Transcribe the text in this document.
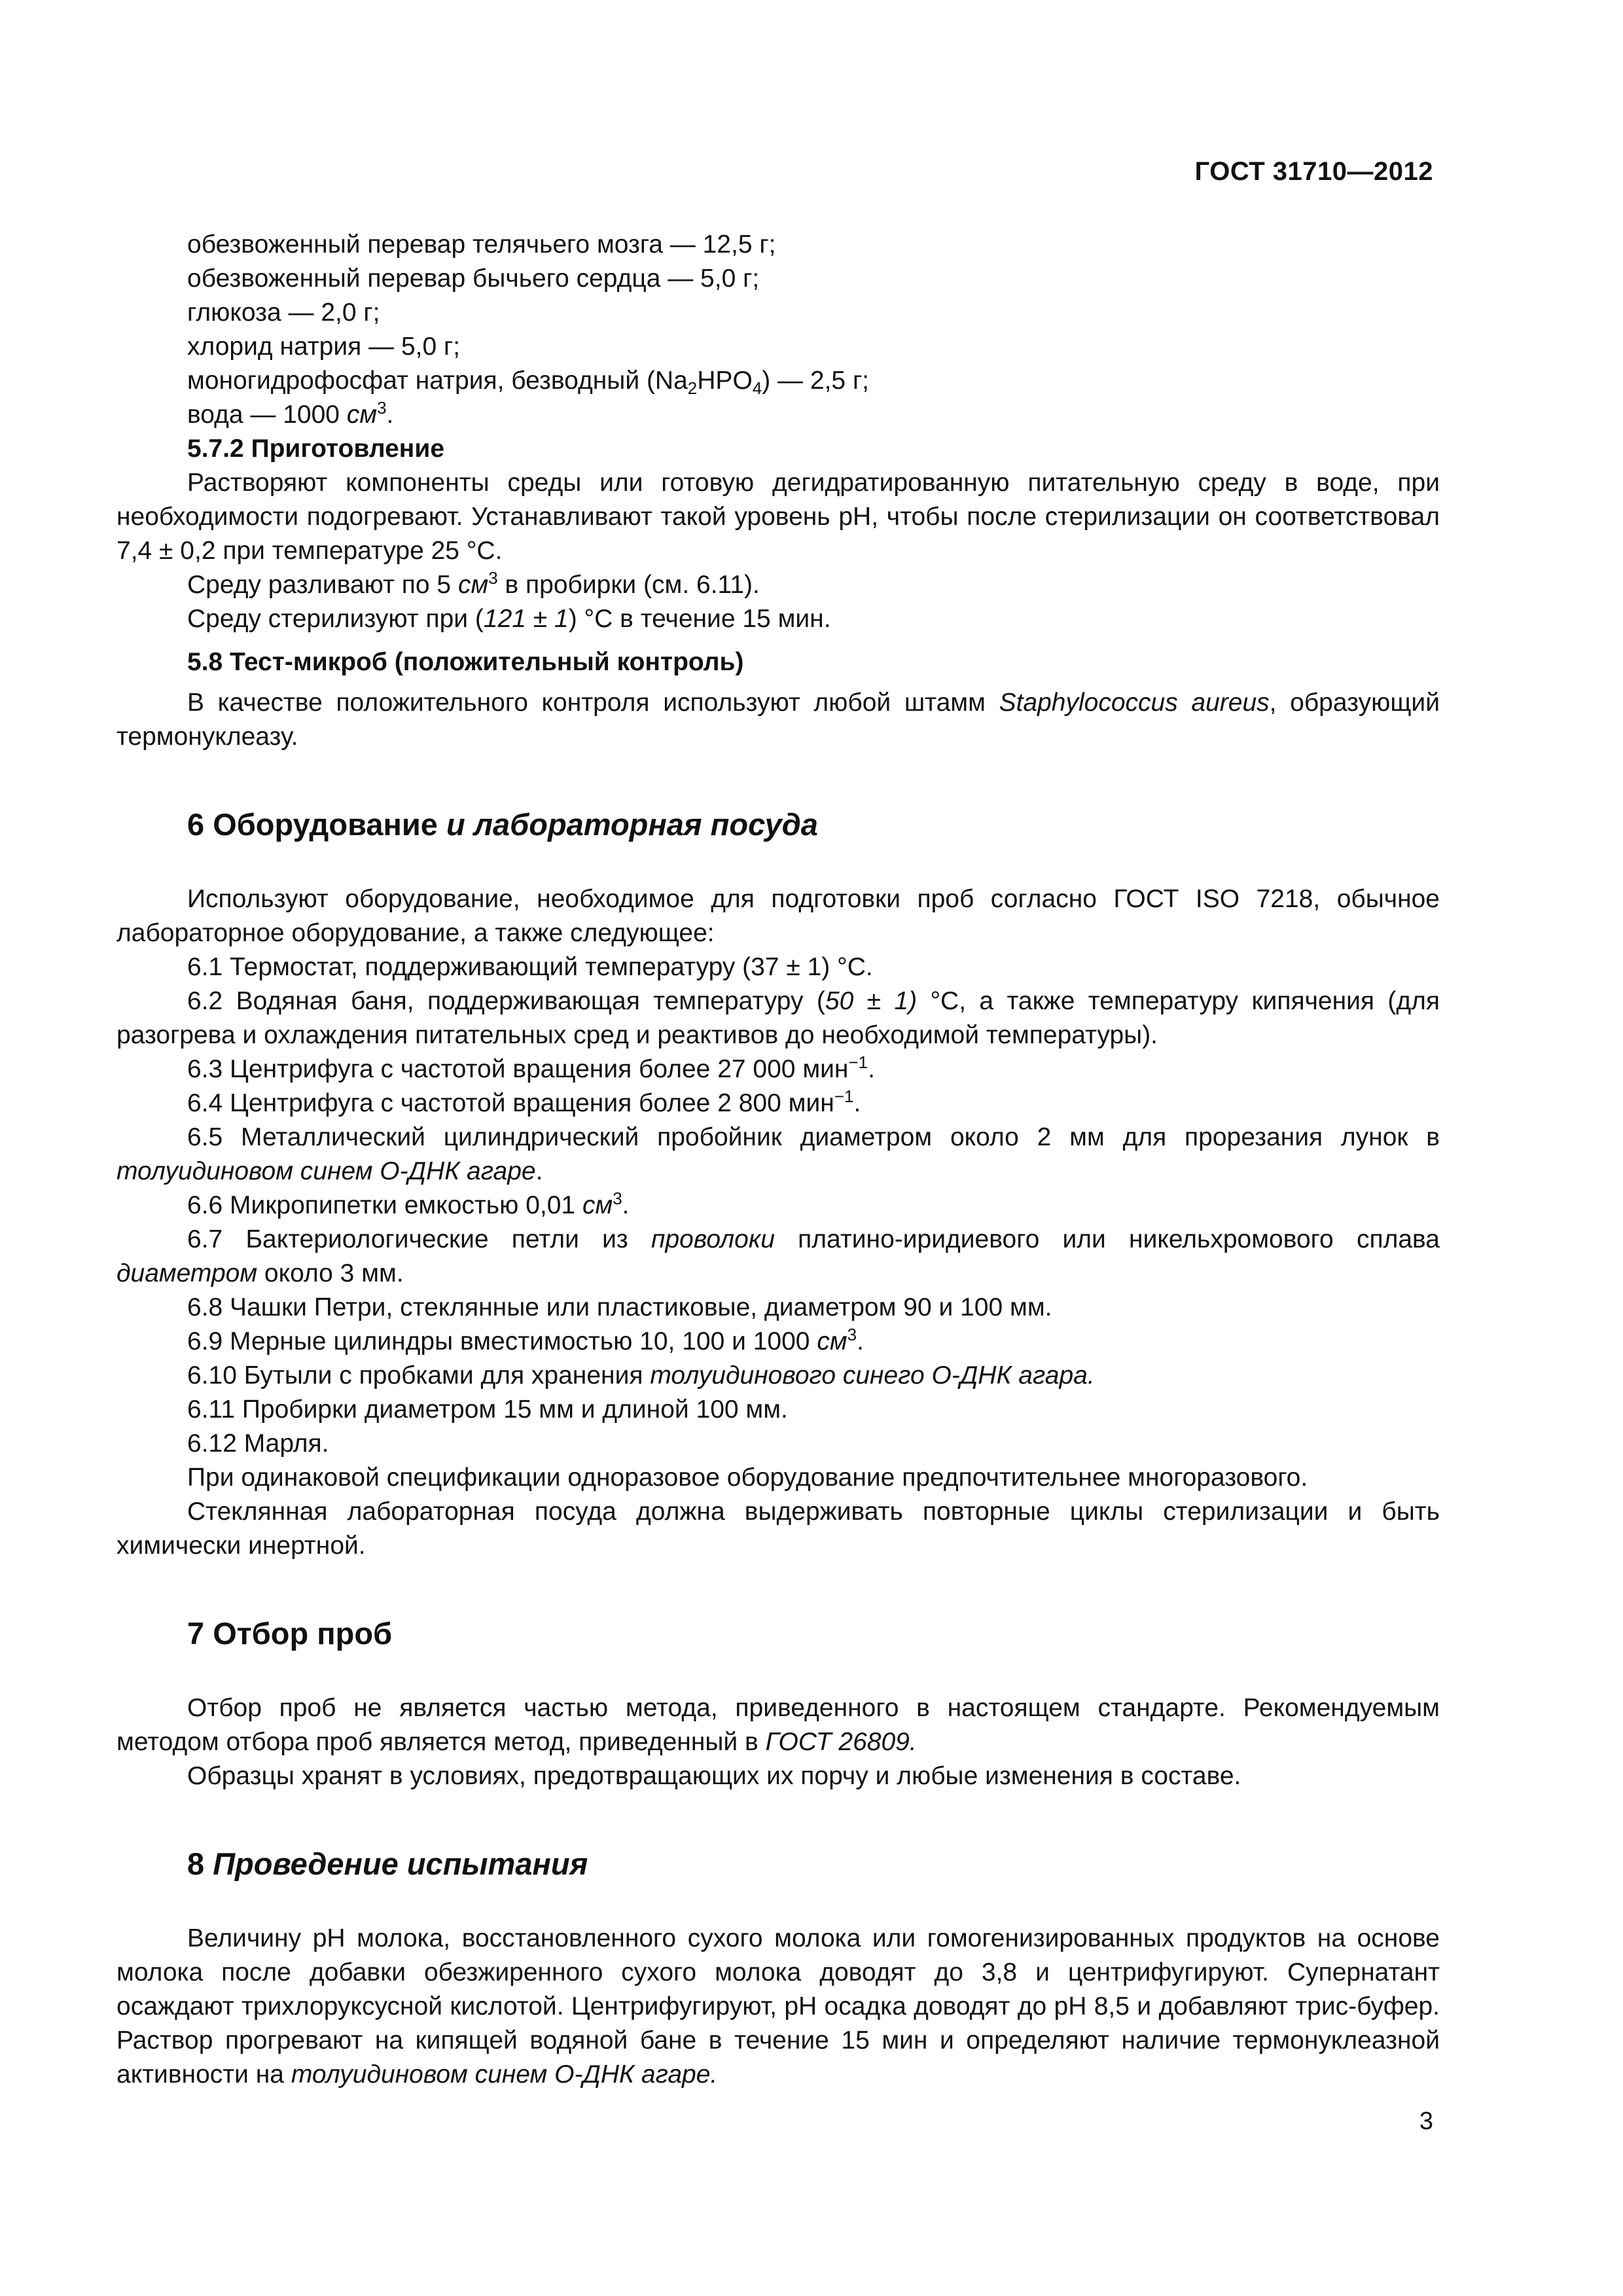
ГОСТ 31710—2012
обезвоженный перевар телячьего мозга — 12,5 г;
обезвоженный перевар бычьего сердца — 5,0 г;
глюкоза — 2,0 г;
хлорид натрия — 5,0 г;
моногидрофосфат натрия, безводный $(Na_2HPO_4)$ — 2,5 г;
вода — 1000 $см^3$.

5.7.2 Приготовление

Растворяют компоненты среды или готовую дегидратированную питательную среду в воде, при необходимости подогревают. Устанавливают такой уровень pH, чтобы после стерилизации он соответствовал 7,4 ± 0,2 при температуре 25 °С.

Среду разливают по 5 $см^3$ в пробирки (см. 6.11).

Среду стерилизуют при (121 ± 1) °С в течение 15 мин.

5.8 Тест-микроб (положительный контроль)

В качестве положительного контроля используют любой штамм Staphylococcus aureus, образующий термонуклеазу.

6 Оборудование и лабораторная посуда

Используют оборудование, необходимое для подготовки проб согласно ГОСТ ISO 7218, обычное лабораторное оборудование, а также следующее:

6.1 Термостат, поддерживающий температуру (37 ± 1) °С.

6.2 Водяная баня, поддерживающая температуру (50 ± 1) °С, а также температуру кипячения (для разогрева и охлаждения питательных сред и реактивов до необходимой температуры).

6.3 Центрифуга с частотой вращения более 27 000 мин$^{-1}$.

6.4 Центрифуга с частотой вращения более 2 800 мин$^{-1}$.

6.5 Металлический цилиндрический пробойник диаметром около 2 мм для прорезания лунок в толуидиновом синем О-ДНК агаре.

6.6 Микропипетки емкостью 0,01 $см^3$.

6.7 Бактериологические петли из проволоки платино-иридиевого или никельхромового сплава диаметром около 3 мм.

6.8 Чашки Петри, стеклянные или пластиковые, диаметром 90 и 100 мм.

6.9 Мерные цилиндры вместимостью 10, 100 и 1000 $см^3$.

6.10 Бутыли с пробками для хранения толуидинового синего О-ДНК агара.

6.11 Пробирки диаметром 15 мм и длиной 100 мм.

6.12 Марля.

При одинаковой спецификации одноразовое оборудование предпочтительнее многоразового.

Стеклянная лабораторная посуда должна выдерживать повторные циклы стерилизации и быть химически инертной.

7 Отбор проб

Отбор проб не является частью метода, приведенного в настоящем стандарте. Рекомендуемым методом отбора проб является метод, приведенный в ГОСТ 26809.

Образцы хранят в условиях, предотвращающих их порчу и любые изменения в составе.

8 Проведение испытания

Величину pH молока, восстановленного сухого молока или гомогенизированных продуктов на основе молока после добавки обезжиренного сухого молока доводят до 3,8 и центрифугируют. Супернатант осаждают трихлоруксусной кислотой. Центрифугируют, pH осадка доводят до pH 8,5 и добавляют трис-буфер. Раствор прогревают на кипящей водяной бане в течение 15 мин и определяют наличие термонуклеазной активности на толуидиновом синем О-ДНК агаре.

3
